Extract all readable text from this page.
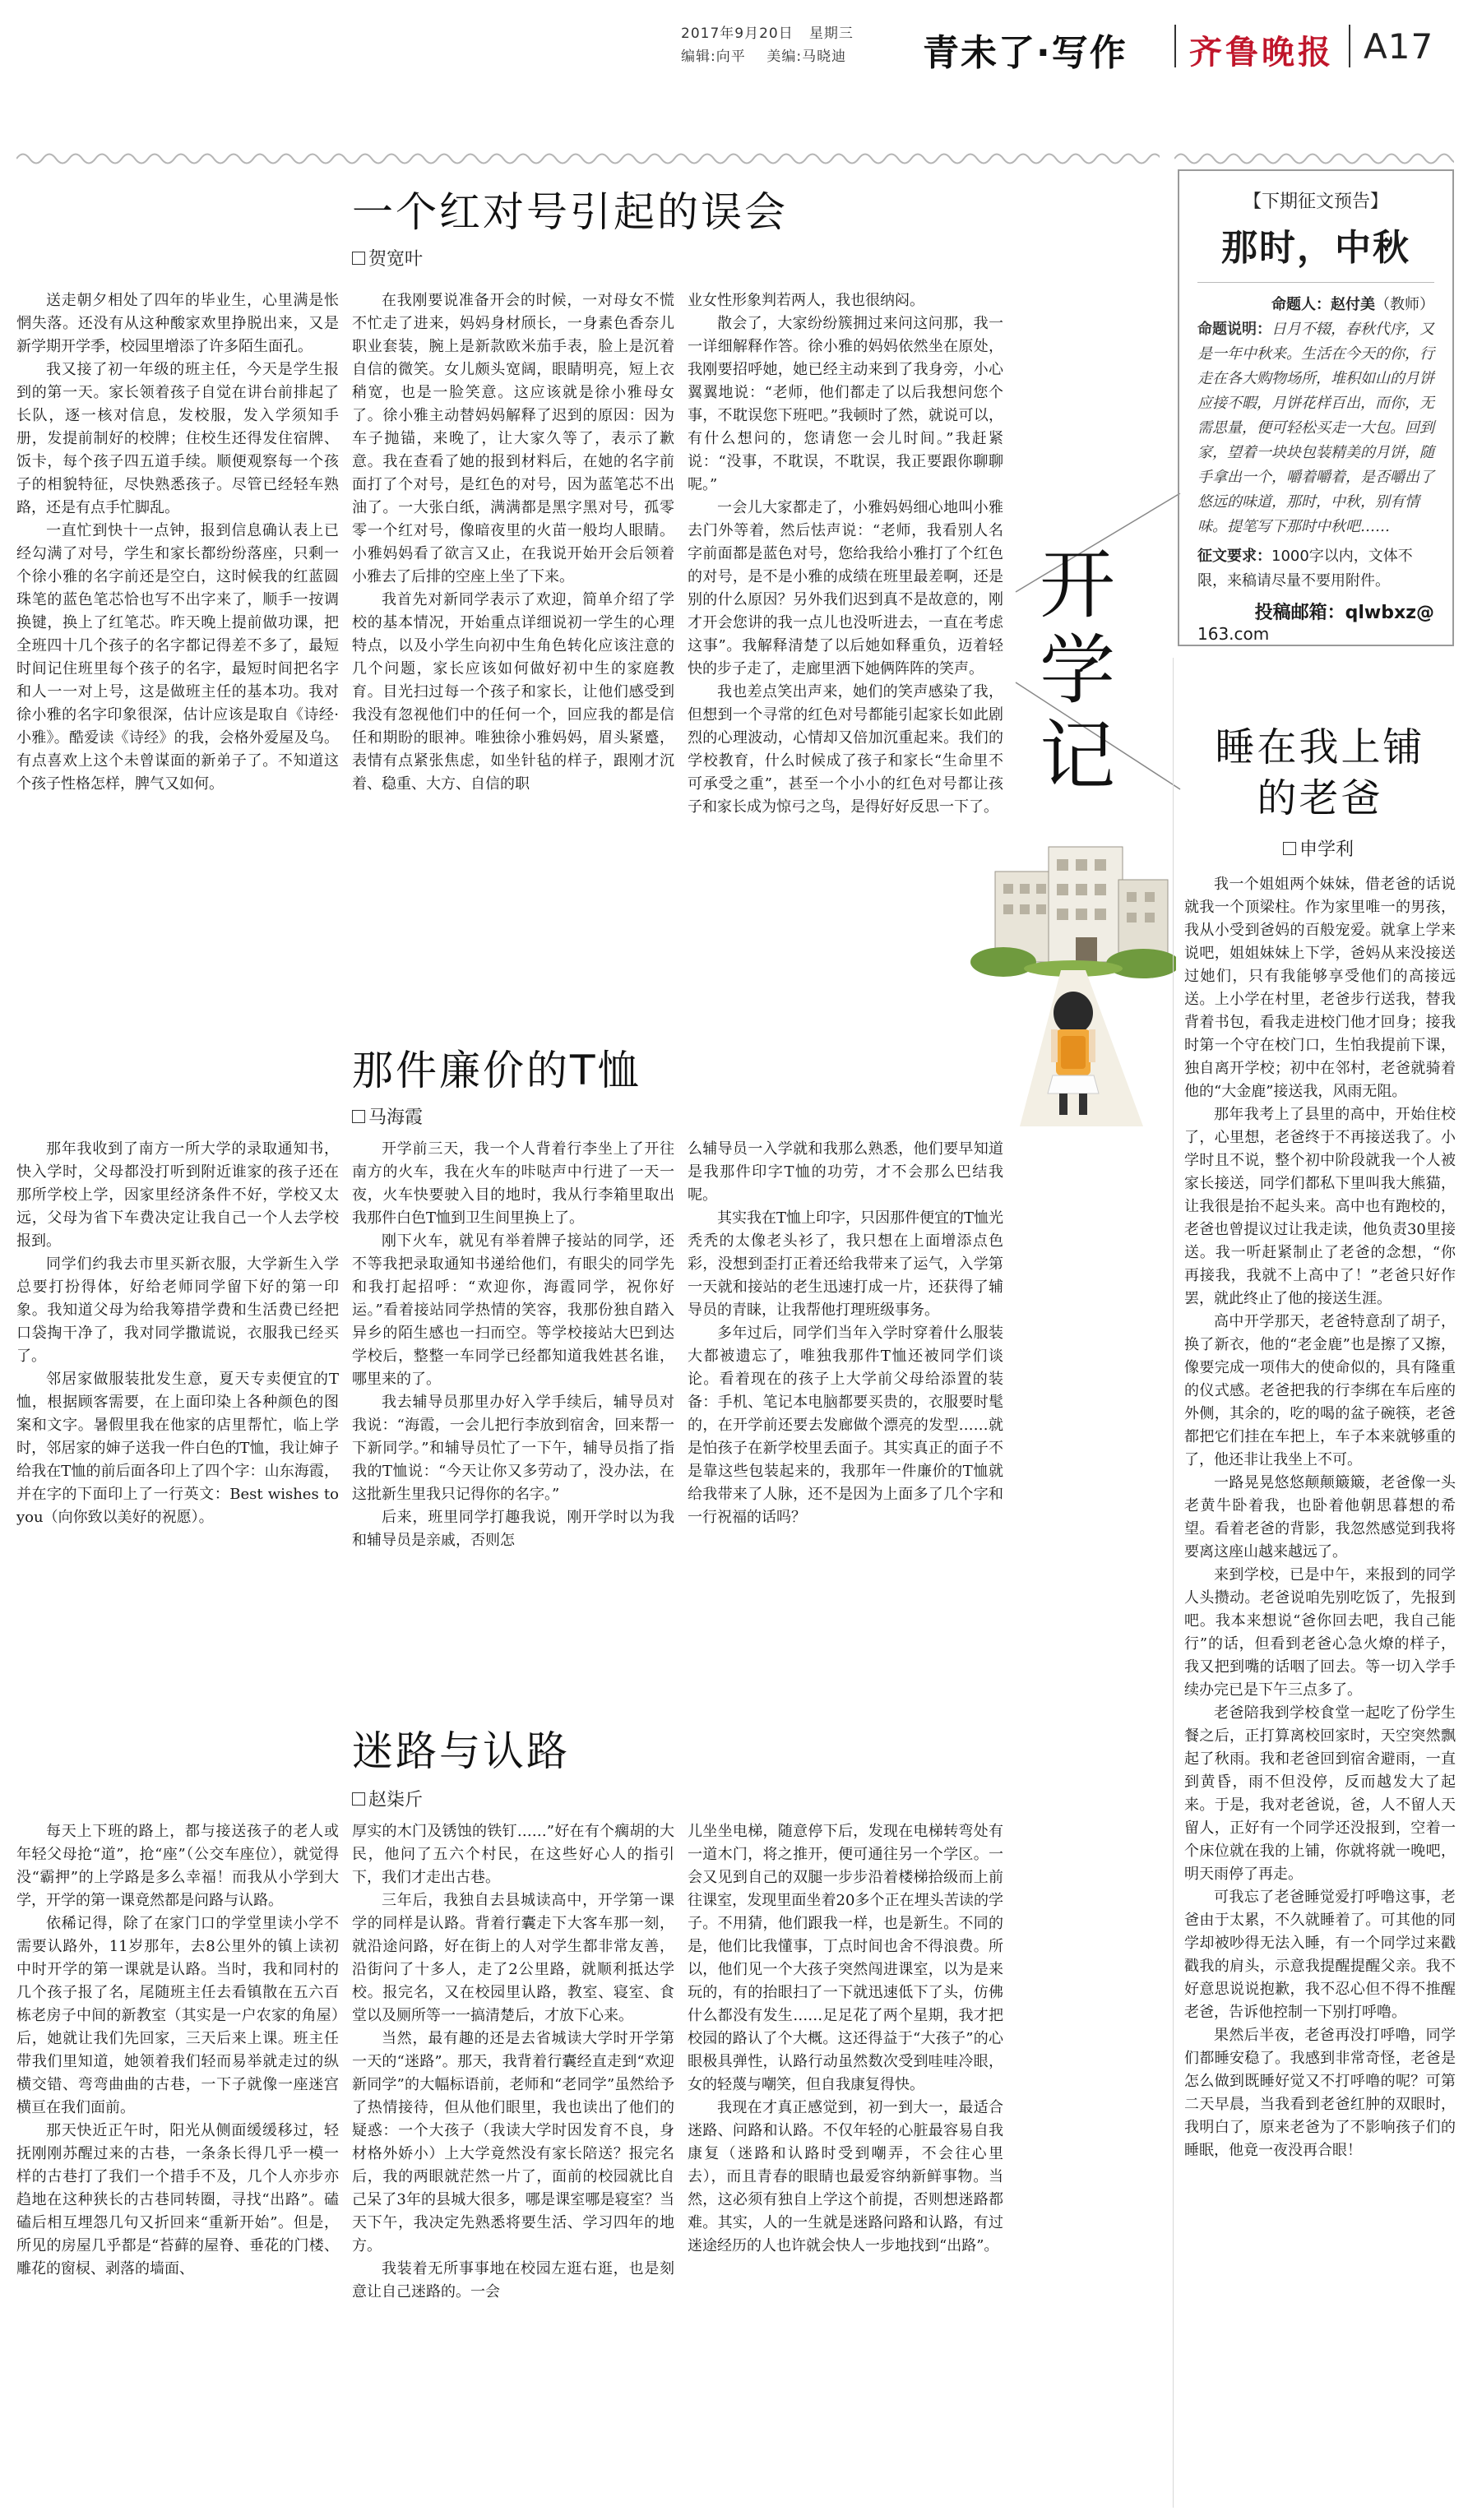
2017年9月20日 星期三
编辑:向平 美编:马晓迪 青未了·写作 齐鲁晚报 A17
一个红对号引起的误会
贺宽叶

送走朝夕相处了四年的毕业生，心里满是怅惘失落。还没有从这种酸家欢里挣脱出来，又是新学期开学季，校园里增添了许多陌生面孔。

我又接了初一年级的班主任，今天是学生报到的第一天。家长领着孩子自觉在讲台前排起了长队，逐一核对信息，发校服，发入学须知手册，发提前制好的校牌；住校生还得发住宿牌、饭卡，每个孩子四五道手续。顺便观察每一个孩子的相貌特征，尽快熟悉孩子。尽管已经轻车熟路，还是有点手忙脚乱。

一直忙到快十一点钟，报到信息确认表上已经勾满了对号，学生和家长都纷纷落座，只剩一个徐小雅的名字前还是空白，这时候我的红蓝圆珠笔的蓝色笔芯恰也写不出字来了，顺手一按调换键，换上了红笔芯。昨天晚上提前做功课，把全班四十几个孩子的名字都记得差不多了，最短时间记住班里每个孩子的名字，最短时间把名字和人一一对上号，这是做班主任的基本功。我对徐小雅的名字印象很深，估计应该是取自《诗经·小雅》。酷爱读《诗经》的我，会格外爱屋及乌。有点喜欢上这个未曾谋面的新弟子了。不知道这个孩子性格怎样，脾气又如何。

在我刚要说准备开会的时候，一对母女不慌不忙走了进来，妈妈身材颀长，一身素色香奈儿职业套装，腕上是新款欧米茄手表，脸上是沉着自信的微笑。女儿颇头宽阔，眼睛明亮，短上衣稍宽，也是一脸笑意。这应该就是徐小雅母女了。徐小雅主动替妈妈解释了迟到的原因：因为车子抛锚，来晚了，让大家久等了，表示了歉意。我在查看了她的报到材料后，在她的名字前面打了个对号，是红色的对号，因为蓝笔芯不出油了。一大张白纸，满满都是黑字黑对号，孤零零一个红对号，像暗夜里的火苗一般均人眼睛。小雅妈妈看了欲言又止，在我说开始开会后领着小雅去了后排的空座上坐了下来。

我首先对新同学表示了欢迎，简单介绍了学校的基本情况，开始重点详细说初一学生的心理特点，以及小学生向初中生角色转化应该注意的几个问题，家长应该如何做好初中生的家庭教育。目光扫过每一个孩子和家长，让他们感受到我没有忽视他们中的任何一个，回应我的都是信任和期盼的眼神。唯独徐小雅妈妈，眉头紧蹙，表情有点紧张焦虑，如坐针毡的样子，跟刚才沉着、稳重、大方、自信的职

业女性形象判若两人，我也很纳闷。

散会了，大家纷纷簇拥过来问这问那，我一一详细解释作答。徐小雅的妈妈依然坐在原处，我刚要招呼她，她已经主动来到了我身旁，小心翼翼地说：“老师，他们都走了以后我想问您个事，不耽误您下班吧。”我顿时了然，就说可以，有什么想问的，您请您一会儿时间。”我赶紧说：“没事，不耽误，不耽误，我正要跟你聊聊呢。”

一会儿大家都走了，小雅妈妈细心地叫小雅去门外等着，然后怯声说：“老师，我看别人名字前面都是蓝色对号，您给我给小雅打了个红色的对号，是不是小雅的成绩在班里最差啊，还是别的什么原因？另外我们迟到真不是故意的，刚才开会您讲的我一点儿也没听进去，一直在考虑这事”。我解释清楚了以后她如释重负，迈着轻快的步子走了，走廊里洒下她俩阵阵的笑声。

我也差点笑出声来，她们的笑声感染了我，但想到一个寻常的红色对号都能引起家长如此剧烈的心理波动，心情却又倍加沉重起来。我们的学校教育，什么时候成了孩子和家长“生命里不可承受之重”，甚至一个小小的红色对号都让孩子和家长成为惊弓之鸟，是得好好反思一下了。

开
学
记
【下期征文预告】
那时，中秋
命题人：赵付美（教师）
命题说明：日月不辍，春秋代序，又是一年中秋来。生活在今天的你，行走在各大购物场所，堆积如山的月饼应接不暇，月饼花样百出，而你，无需思量，便可轻松买走一大包。回到家，望着一块块包装精美的月饼，随手拿出一个，嚼着嚼着，是否嚼出了悠远的味道，那时，中秋，别有情味。提笔写下那时中秋吧……
征文要求：1000字以内，文体不限，来稿请尽量不要用附件。
投稿邮箱：qlwbxz@
163.com
睡在我上铺
的老爸
申学利

我一个姐姐两个妹妹，借老爸的话说就我一个顶梁柱。作为家里唯一的男孩，我从小受到爸妈的百般宠爱。就拿上学来说吧，姐姐妹妹上下学，爸妈从来没接送过她们，只有我能够享受他们的高接远送。上小学在村里，老爸步行送我，替我背着书包，看我走进校门他才回身；接我时第一个守在校门口，生怕我提前下课，独自离开学校；初中在邻村，老爸就骑着他的“大金鹿”接送我，风雨无阻。

那年我考上了县里的高中，开始住校了，心里想，老爸终于不再接送我了。小学时且不说，整个初中阶段就我一个人被家长接送，同学们都私下里叫我大熊猫，让我很是抬不起头来。高中也有跑校的，老爸也曾提议过让我走读，他负责30里接送。我一听赶紧制止了老爸的念想，“你再接我，我就不上高中了！”老爸只好作罢，就此终止了他的接送生涯。

高中开学那天，老爸特意刮了胡子，换了新衣，他的“老金鹿”也是擦了又擦，像要完成一项伟大的使命似的，具有隆重的仪式感。老爸把我的行李绑在车后座的外侧，其余的，吃的喝的盆子碗筷，老爸都把它们挂在车把上，车子本来就够重的了，他还非让我坐上不可。

一路晃晃悠悠颠颠簸簸，老爸像一头老黄牛卧着我，也卧着他朝思暮想的希望。看着老爸的背影，我忽然感觉到我将要离这座山越来越远了。

来到学校，已是中午，来报到的同学人头攒动。老爸说咱先别吃饭了，先报到吧。我本来想说“爸你回去吧，我自己能行”的话，但看到老爸心急火燎的样子，我又把到嘴的话咽了回去。等一切入学手续办完已是下午三点多了。

老爸陪我到学校食堂一起吃了份学生餐之后，正打算离校回家时，天空突然飘起了秋雨。我和老爸回到宿舍避雨，一直到黄昏，雨不但没停，反而越发大了起来。于是，我对老爸说，爸，人不留人天留人，正好有一个同学还没报到，空着一个床位就在我的上铺，你就将就一晚吧，明天雨停了再走。

可我忘了老爸睡觉爱打呼噜这事，老爸由于太累，不久就睡着了。可其他的同学却被吵得无法入睡，有一个同学过来戳戳我的肩头，示意我提醒提醒父亲。我不好意思说说抱歉，我不忍心但不得不推醒老爸，告诉他控制一下别打呼噜。

果然后半夜，老爸再没打呼噜，同学们都睡安稳了。我感到非常奇怪，老爸是怎么做到既睡好觉又不打呼噜的呢？可第二天早晨，当我看到老爸红肿的双眼时，我明白了，原来老爸为了不影响孩子们的睡眠，他竟一夜没再合眼！

那件廉价的T恤
马海霞

那年我收到了南方一所大学的录取通知书，快入学时，父母都没打听到附近谁家的孩子还在那所学校上学，因家里经济条件不好，学校又太远，父母为省下车费决定让我自己一个人去学校报到。

同学们约我去市里买新衣服，大学新生入学总要打扮得体，好给老师同学留下好的第一印象。我知道父母为给我筹措学费和生活费已经把口袋掏干净了，我对同学撒谎说，衣服我已经买了。

邻居家做服装批发生意，夏天专卖便宜的T恤，根据顾客需要，在上面印染上各种颜色的图案和文字。暑假里我在他家的店里帮忙，临上学时，邻居家的婶子送我一件白色的T恤，我让婶子给我在T恤的前后面各印上了四个字：山东海霞，并在字的下面印上了一行英文：Best wishes to you（向你致以美好的祝愿）。

开学前三天，我一个人背着行李坐上了开往南方的火车，我在火车的咔哒声中行进了一天一夜，火车快要驶入目的地时，我从行李箱里取出我那件白色T恤到卫生间里换上了。

刚下火车，就见有举着牌子接站的同学，还不等我把录取通知书递给他们，有眼尖的同学先和我打起招呼：“欢迎你，海霞同学，祝你好运。”看着接站同学热情的笑容，我那份独自踏入异乡的陌生感也一扫而空。等学校接站大巴到达学校后，整整一车同学已经都知道我姓甚名谁，哪里来的了。

我去辅导员那里办好入学手续后，辅导员对我说：“海霞，一会儿把行李放到宿舍，回来帮一下新同学。”和辅导员忙了一下午，辅导员指了指我的T恤说：“今天让你又多劳动了，没办法，在这批新生里我只记得你的名字。”

后来，班里同学打趣我说，刚开学时以为我和辅导员是亲戚，否则怎

么辅导员一入学就和我那么熟悉，他们要早知道是我那件印字T恤的功劳，才不会那么巴结我呢。

其实我在T恤上印字，只因那件便宜的T恤光秃秃的太像老头衫了，我只想在上面增添点色彩，没想到歪打正着还给我带来了运气，入学第一天就和接站的老生迅速打成一片，还获得了辅导员的青睐，让我帮他打理班级事务。

多年过后，同学们当年入学时穿着什么服装大都被遗忘了，唯独我那件T恤还被同学们谈论。看着现在的孩子上大学前父母给添置的装备：手机、笔记本电脑都要买贵的，衣服要时髦的，在开学前还要去发廊做个漂亮的发型……就是怕孩子在新学校里丢面子。其实真正的面子不是靠这些包装起来的，我那年一件廉价的T恤就给我带来了人脉，还不是因为上面多了几个字和一行祝福的话吗？

迷路与认路
赵柒斤

每天上下班的路上，都与接送孩子的老人或年轻父母抢“道”，抢“座”（公交车座位），就觉得没“霸押”的上学路是多么幸福！而我从小学到大学，开学的第一课竟然都是问路与认路。

依稀记得，除了在家门口的学堂里读小学不需要认路外，11岁那年，去8公里外的镇上读初中时开学的第一课就是认路。当时，我和同村的几个孩子报了名，尾随班主任去看镇散在五六百栋老房子中间的新教室（其实是一户农家的角屋）后，她就让我们先回家，三天后来上课。班主任带我们里知道，她领着我们轻而易举就走过的纵横交错、弯弯曲曲的古巷，一下子就像一座迷宫横亘在我们面前。

那天快近正午时，阳光从侧面缓缓移过，轻抚刚刚苏醒过来的古巷，一条条长得几乎一模一样的古巷打了我们一个措手不及，几个人亦步亦趋地在这种狭长的古巷同转圈，寻找“出路”。磕磕后相互埋怨几句又折回来“重新开始”。但是，所见的房屋几乎都是“苔藓的屋脊、垂花的门楼、雕花的窗棂、剥落的墙面、

厚实的木门及锈蚀的铁钉……”好在有个瘸胡的大民，他问了五六个村民，在这些好心人的指引下，我们才走出古巷。

三年后，我独自去县城读高中，开学第一课学的同样是认路。背着行囊走下大客车那一刻，就沿途问路，好在街上的人对学生都非常友善，沿街问了十多人，走了2公里路，就顺利抵达学校。报完名，又在校园里认路，教室、寝室、食堂以及厕所等一一搞清楚后，才放下心来。

当然，最有趣的还是去省城读大学时开学第一天的“迷路”。那天，我背着行囊经直走到“欢迎新同学”的大幅标语前，老师和“老同学”虽然给予了热情接待，但从他们眼里，我也读出了他们的疑惑：一个大孩子（我读大学时因发育不良，身材格外娇小）上大学竟然没有家长陪送？报完名后，我的两眼就茫然一片了，面前的校园就比自己呆了3年的县城大很多，哪是课室哪是寝室？当天下午，我决定先熟悉将要生活、学习四年的地方。

我装着无所事事地在校园左逛右逛，也是刻意让自己迷路的。一会

儿坐坐电梯，随意停下后，发现在电梯转弯处有一道木门，将之推开，便可通往另一个学区。一会又见到自己的双腿一步步沿着楼梯拾级而上前往课室，发现里面坐着20多个正在埋头苦读的学子。不用猜，他们跟我一样，也是新生。不同的是，他们比我懂事，丁点时间也舍不得浪费。所以，他们见一个大孩子突然闯进课室，以为是来玩的，有的抬眼扫了一下就迅速低下了头，仿佛什么都没有发生……足足花了两个星期，我才把校园的路认了个大概。这还得益于“大孩子”的心眼极具弹性，认路行动虽然数次受到哇哇冷眼，女的轻蔑与嘲笑，但自我康复得快。

我现在才真正感觉到，初一到大一，最适合迷路、问路和认路。不仅年轻的心脏最容易自我康复（迷路和认路时受到嘲弄，不会往心里去），而且青春的眼睛也最爱容纳新鲜事物。当然，这必须有独自上学这个前提，否则想迷路都难。其实，人的一生就是迷路问路和认路，有过迷途经历的人也许就会快人一步地找到“出路”。
